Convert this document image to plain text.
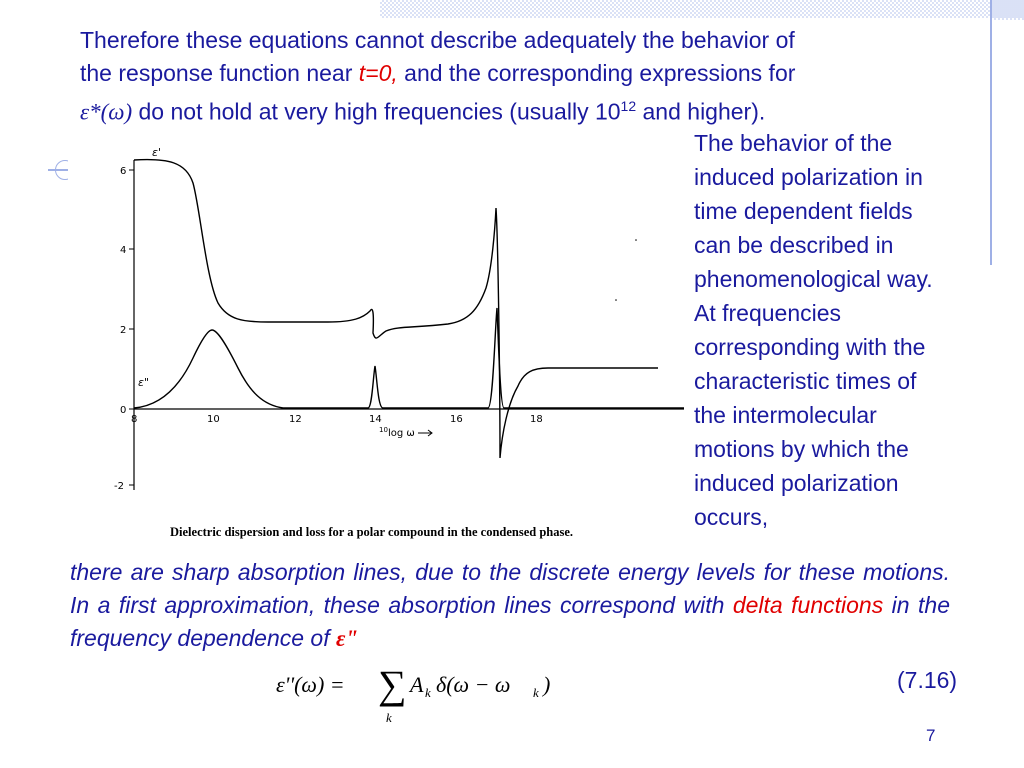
Therefore these equations cannot describe adequately the behavior of
the response function near t=0, and the corresponding expressions for
ε*(ω) do not hold at very high frequencies (usually $10^{12}$ and higher).

The behavior of the
induced polarization in
time dependent fields
can be described in
phenomenological way.
At frequencies
corresponding with the
characteristic times of
the intermolecular
motions by which the
induced polarization
occurs,
6
4
2
0
-2
8	10	12	14	16	18
10 log ω
ε'
ε"
Dielectric dispersion and loss for a polar compound in the condensed phase.

there are sharp absorption lines, due to the discrete energy levels for these motions. In a first approximation, these absorption lines correspond with delta functions in the frequency dependence of ε"

ε''(ω) = ∑
k
A k δ(ω − ω k )	(7.16)
7
